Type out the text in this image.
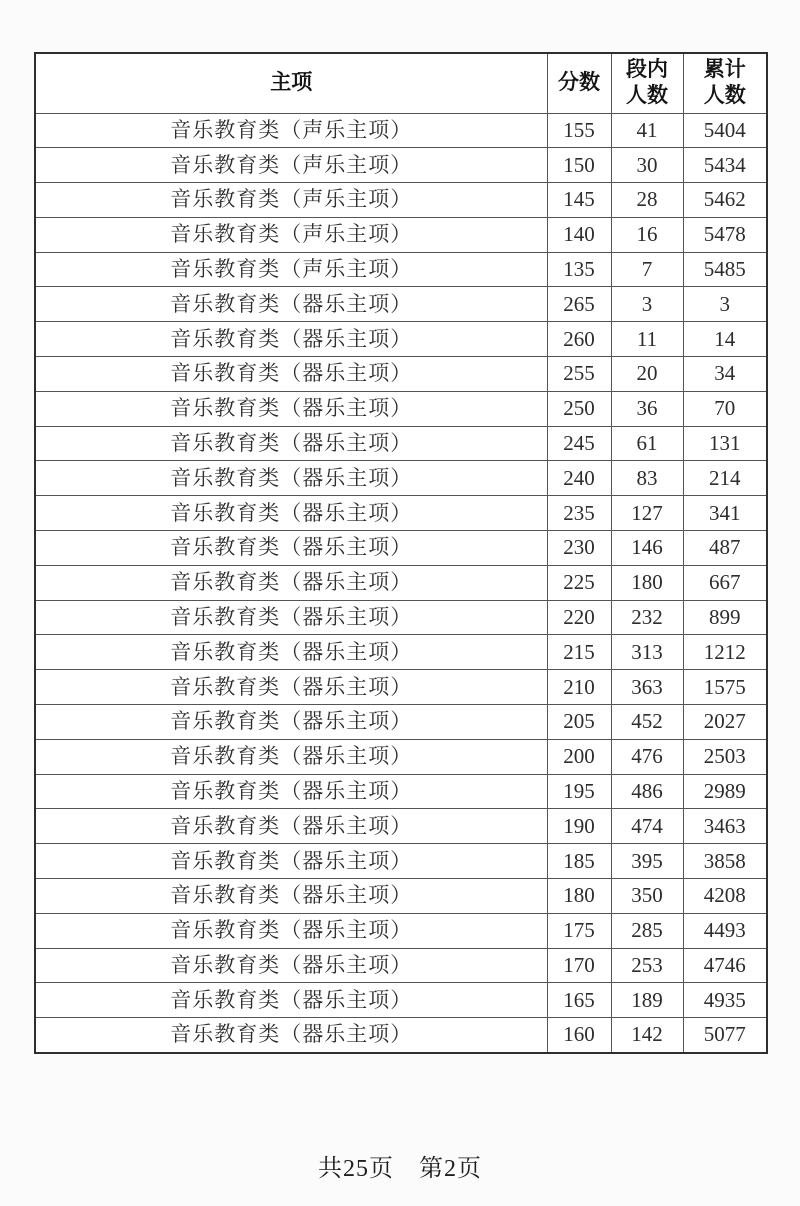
主项	分数	段内人数	累计人数
音乐教育类（声乐主项）	155	41	5404
音乐教育类（声乐主项）	150	30	5434
音乐教育类（声乐主项）	145	28	5462
音乐教育类（声乐主项）	140	16	5478
音乐教育类（声乐主项）	135	7	5485
音乐教育类（器乐主项）	265	3	3
音乐教育类（器乐主项）	260	11	14
音乐教育类（器乐主项）	255	20	34
音乐教育类（器乐主项）	250	36	70
音乐教育类（器乐主项）	245	61	131
音乐教育类（器乐主项）	240	83	214
音乐教育类（器乐主项）	235	127	341
音乐教育类（器乐主项）	230	146	487
音乐教育类（器乐主项）	225	180	667
音乐教育类（器乐主项）	220	232	899
音乐教育类（器乐主项）	215	313	1212
音乐教育类（器乐主项）	210	363	1575
音乐教育类（器乐主项）	205	452	2027
音乐教育类（器乐主项）	200	476	2503
音乐教育类（器乐主项）	195	486	2989
音乐教育类（器乐主项）	190	474	3463
音乐教育类（器乐主项）	185	395	3858
音乐教育类（器乐主项）	180	350	4208
音乐教育类（器乐主项）	175	285	4493
音乐教育类（器乐主项）	170	253	4746
音乐教育类（器乐主项）	165	189	4935
音乐教育类（器乐主项）	160	142	5077
共25页　第2页
